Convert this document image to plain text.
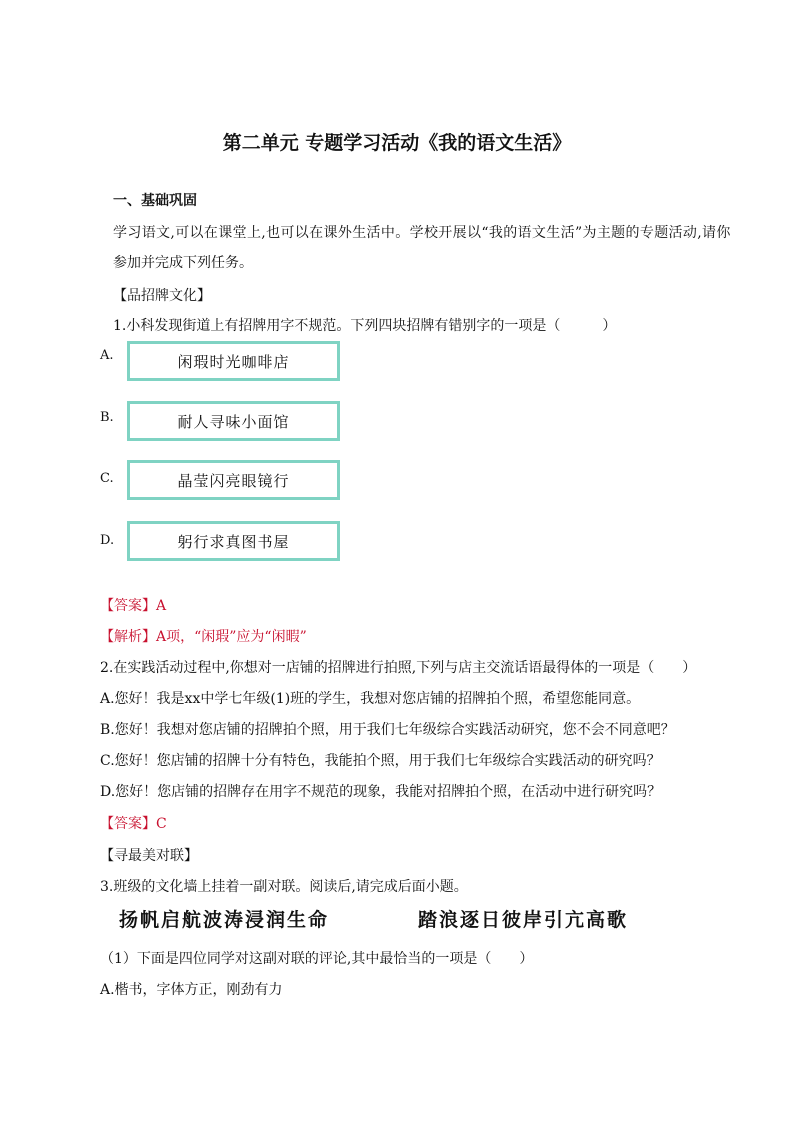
第二单元 专题学习活动《我的语文生活》
一、基础巩固
学习语文,可以在课堂上,也可以在课外生活中。学校开展以“我的语文生活”为主题的专题活动,请你
参加并完成下列任务。
【品招牌文化】
1.小科发现街道上有招牌用字不规范。下列四块招牌有错别字的一项是（　　　）
A.	闲瑕时光咖啡店
B.	耐人寻味小面馆
C.	晶莹闪亮眼镜行
D.	躬行求真图书屋
【答案】A
【解析】A项，“闲瑕”应为“闲暇”
2.在实践活动过程中,你想对一店铺的招牌进行拍照,下列与店主交流话语最得体的一项是（　　）
A.您好！我是xx中学七年级(1)班的学生，我想对您店铺的招牌拍个照，希望您能同意。
B.您好！我想对您店铺的招牌拍个照，用于我们七年级综合实践活动研究，您不会不同意吧？
C.您好！您店铺的招牌十分有特色，我能拍个照，用于我们七年级综合实践活动的研究吗？
D.您好！您店铺的招牌存在用字不规范的现象，我能对招牌拍个照，在活动中进行研究吗？
【答案】C
【寻最美对联】
3.班级的文化墙上挂着一副对联。阅读后,请完成后面小题。
扬帆启航波涛浸润生命	踏浪逐日彼岸引亢高歌
（1）下面是四位同学对这副对联的评论,其中最恰当的一项是（　　）
A.楷书，字体方正，刚劲有力
